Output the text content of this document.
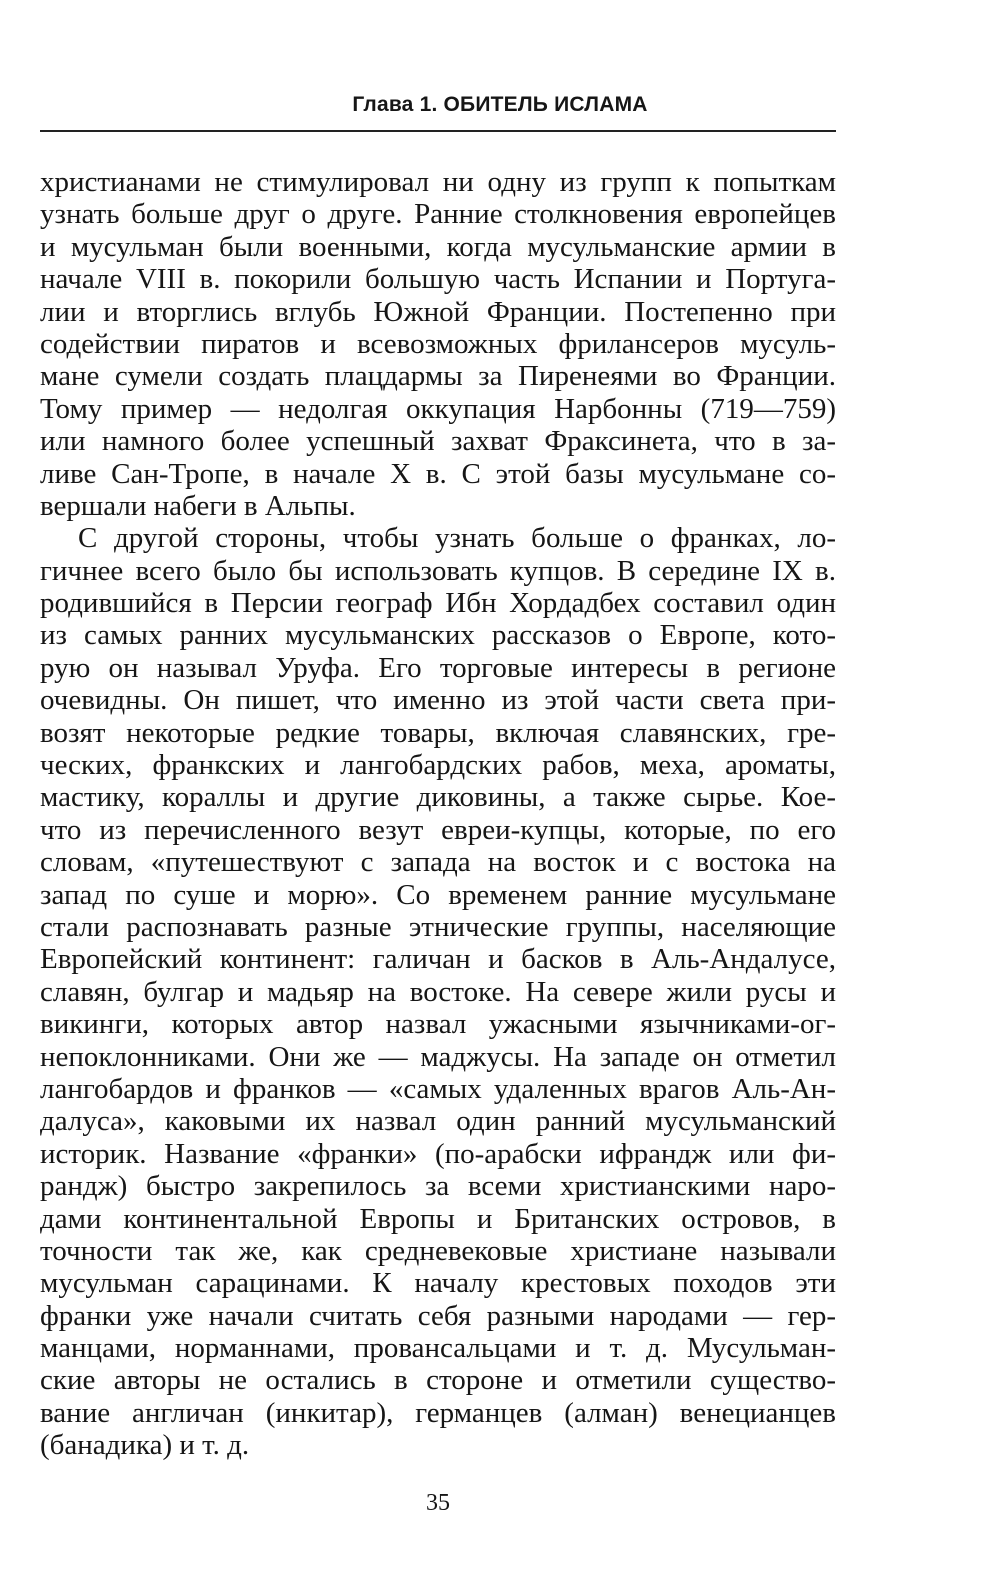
Глава 1. ОБИТЕЛЬ ИСЛАМА
христианами не стимулировал ни одну из групп к попыткам
узнать больше друг о друге. Ранние столкновения европейцев
и мусульман были военными, когда мусульманские армии в
начале VIII в. покорили большую часть Испании и Португа-
лии и вторглись вглубь Южной Франции. Постепенно при
содействии пиратов и всевозможных фрилансеров мусуль-
мане сумели создать плацдармы за Пиренеями во Франции.
Тому пример — недолгая оккупация Нарбонны (719—759)
или намного более успешный захват Фраксинета, что в за-
ливе Сан-Тропе, в начале X в. С этой базы мусульмане со-
вершали набеги в Альпы.
С другой стороны, чтобы узнать больше о франках, ло-
гичнее всего было бы использовать купцов. В середине IX в.
родившийся в Персии географ Ибн Хордадбех составил один
из самых ранних мусульманских рассказов о Европе, кото-
рую он называл Уруфа. Его торговые интересы в регионе
очевидны. Он пишет, что именно из этой части света при-
возят некоторые редкие товары, включая славянских, гре-
ческих, франкских и лангобардских рабов, меха, ароматы,
мастику, кораллы и другие диковины, а также сырье. Кое-
что из перечисленного везут евреи-купцы, которые, по его
словам, «путешествуют с запада на восток и с востока на
запад по суше и морю». Со временем ранние мусульмане
стали распознавать разные этнические группы, населяющие
Европейский континент: галичан и басков в Аль-Андалусе,
славян, булгар и мадьяр на востоке. На севере жили русы и
викинги, которых автор назвал ужасными язычниками-ог-
непоклонниками. Они же — маджусы. На западе он отметил
лангобардов и франков — «самых удаленных врагов Аль-Ан-
далуса», каковыми их назвал один ранний мусульманский
историк. Название «франки» (по-арабски ифрандж или фи-
рандж) быстро закрепилось за всеми христианскими наро-
дами континентальной Европы и Британских островов, в
точности так же, как средневековые христиане называли
мусульман сарацинами. К началу крестовых походов эти
франки уже начали считать себя разными народами — гер-
манцами, норманнами, провансальцами и т. д. Мусульман-
ские авторы не остались в стороне и отметили существо-
вание англичан (инкитар), германцев (алман) венецианцев
(банадика) и т. д.

35
